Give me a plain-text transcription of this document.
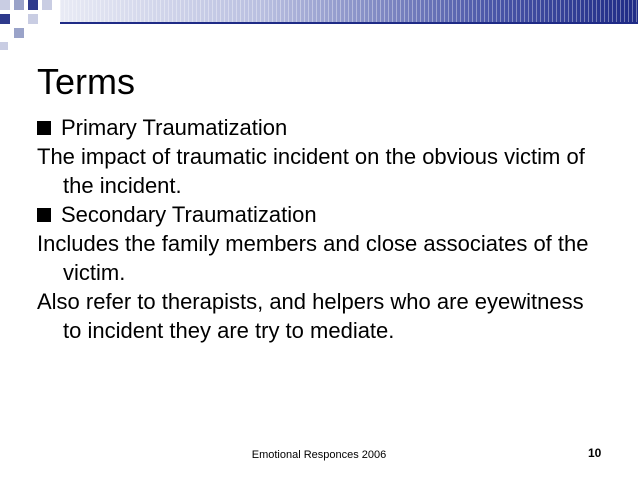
Terms

Primary Traumatization

The impact of traumatic incident on the obvious victim of the incident.

Secondary Traumatization

Includes the family members and close associates of the victim.

Also refer to therapists, and helpers who are eyewitness to incident they are try to mediate.

Emotional Responces 2006	10
